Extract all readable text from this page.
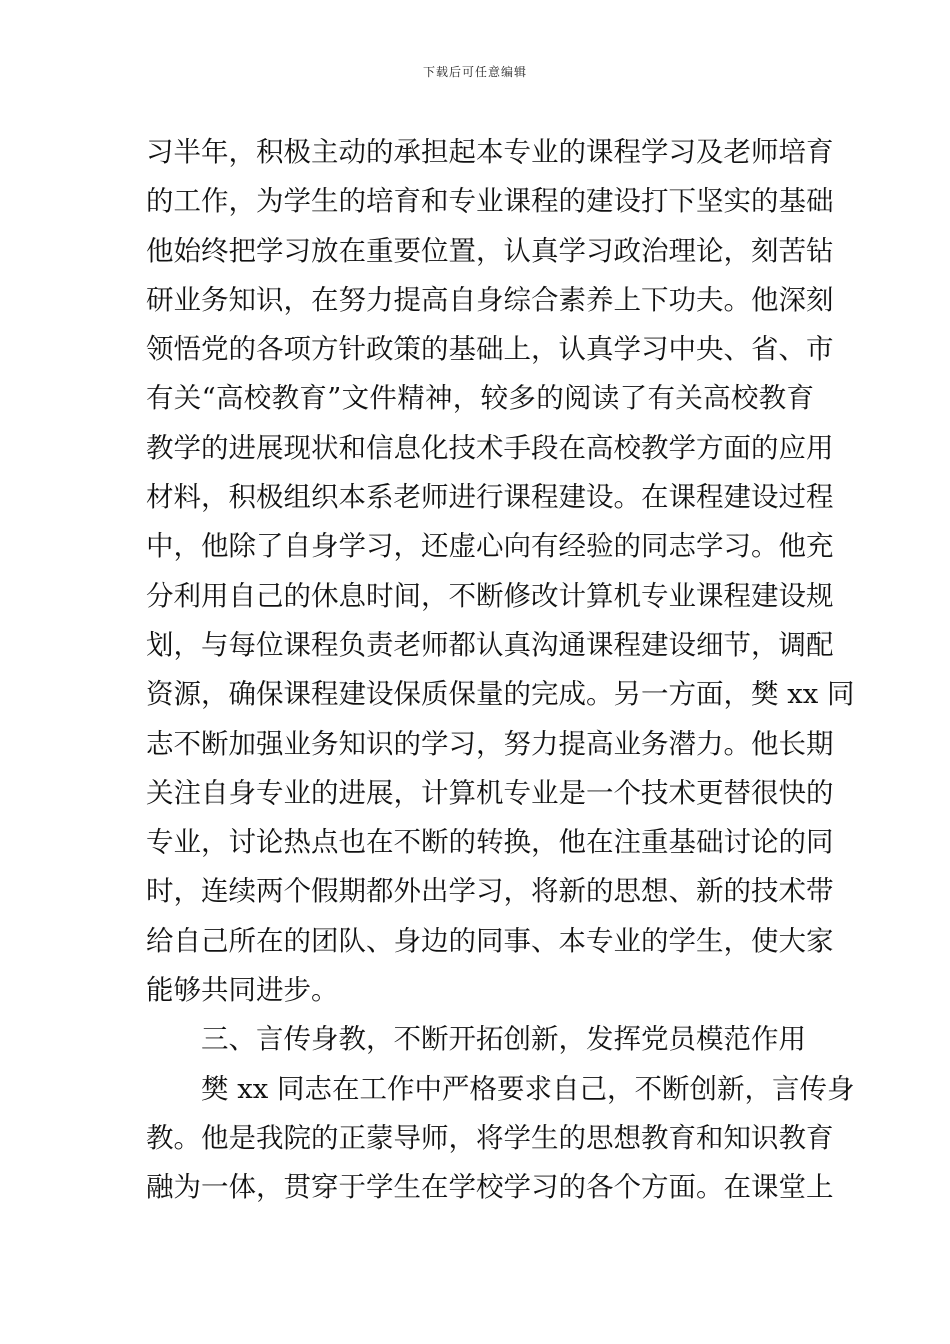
下载后可任意编辑
习半年，积极主动的承担起本专业的课程学习及老师培育
的工作，为学生的培育和专业课程的建设打下坚实的基础
他始终把学习放在重要位置，认真学习政治理论，刻苦钻
研业务知识，在努力提高自身综合素养上下功夫。他深刻
领悟党的各项方针政策的基础上，认真学习中央、省、市
有关“高校教育”文件精神，较多的阅读了有关高校教育
教学的进展现状和信息化技术手段在高校教学方面的应用
材料，积极组织本系老师进行课程建设。在课程建设过程
中，他除了自身学习，还虚心向有经验的同志学习。他充
分利用自己的休息时间，不断修改计算机专业课程建设规
划，与每位课程负责老师都认真沟通课程建设细节，调配
资源，确保课程建设保质保量的完成。另一方面，樊 xx 同
志不断加强业务知识的学习，努力提高业务潜力。他长期
关注自身专业的进展，计算机专业是一个技术更替很快的
专业，讨论热点也在不断的转换，他在注重基础讨论的同
时，连续两个假期都外出学习，将新的思想、新的技术带
给自己所在的团队、身边的同事、本专业的学生，使大家
能够共同进步。
三、言传身教，不断开拓创新，发挥党员模范作用
樊 xx 同志在工作中严格要求自己，不断创新，言传身
教。他是我院的正蒙导师，将学生的思想教育和知识教育
融为一体，贯穿于学生在学校学习的各个方面。在课堂上
